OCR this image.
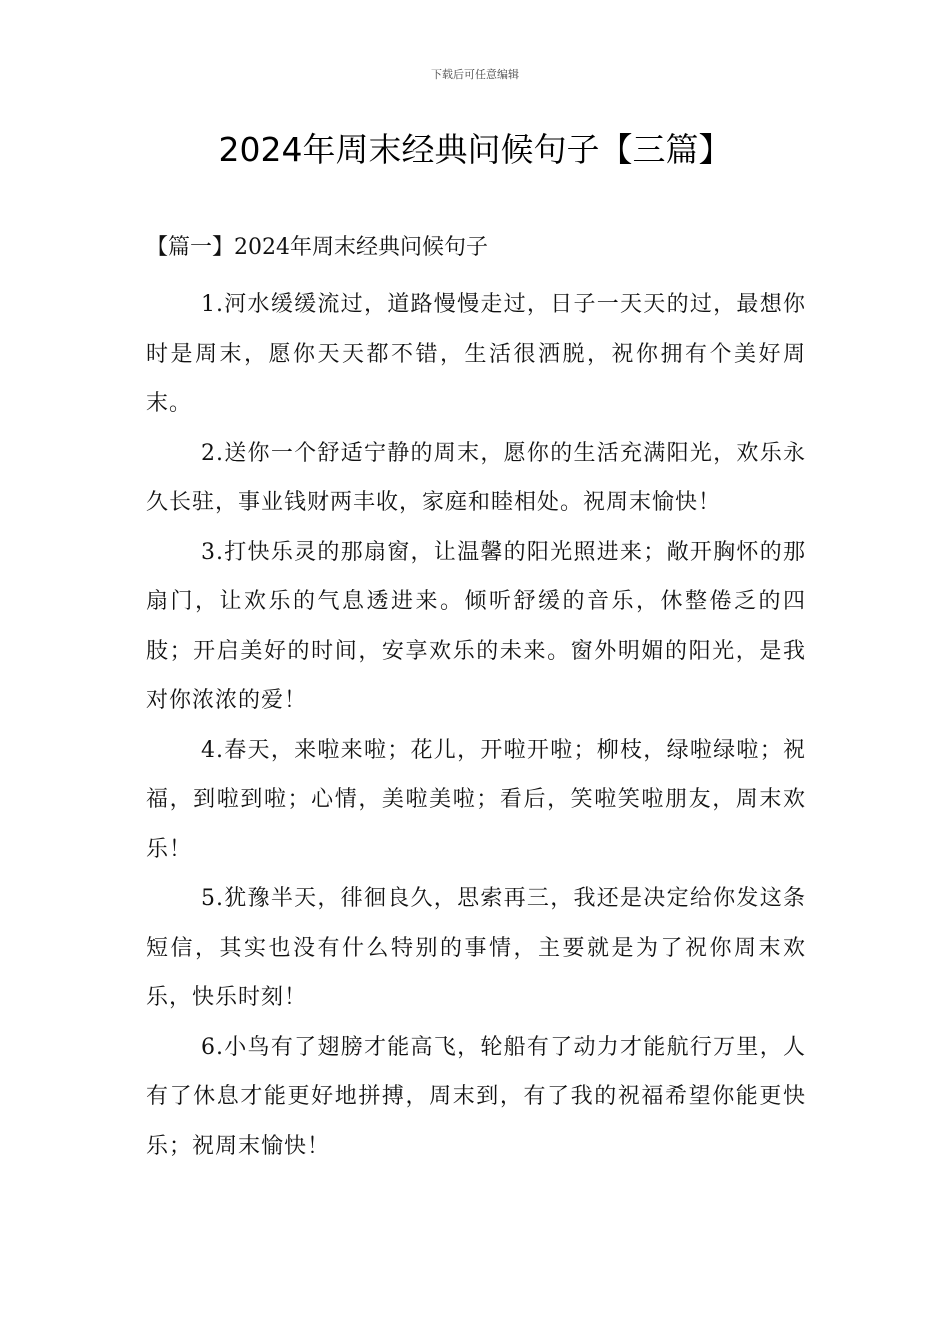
下载后可任意编辑
2024年周末经典问候句子【三篇】

【篇一】2024年周末经典问候句子

1.河水缓缓流过，道路慢慢走过，日子一天天的过，最想你时是周末，愿你天天都不错，生活很洒脱，祝你拥有个美好周末。

2.送你一个舒适宁静的周末，愿你的生活充满阳光，欢乐永久长驻，事业钱财两丰收，家庭和睦相处。祝周末愉快！

3.打快乐灵的那扇窗，让温馨的阳光照进来；敞开胸怀的那扇门，让欢乐的气息透进来。倾听舒缓的音乐，休整倦乏的四肢；开启美好的时间，安享欢乐的未来。窗外明媚的阳光，是我对你浓浓的爱！

4.春天，来啦来啦；花儿，开啦开啦；柳枝，绿啦绿啦；祝福，到啦到啦；心情，美啦美啦；看后，笑啦笑啦朋友，周末欢乐！

5.犹豫半天，徘徊良久，思索再三，我还是决定给你发这条短信，其实也没有什么特别的事情，主要就是为了祝你周末欢乐，快乐时刻！

6.小鸟有了翅膀才能高飞，轮船有了动力才能航行万里，人有了休息才能更好地拼搏，周末到，有了我的祝福希望你能更快乐；祝周末愉快！
